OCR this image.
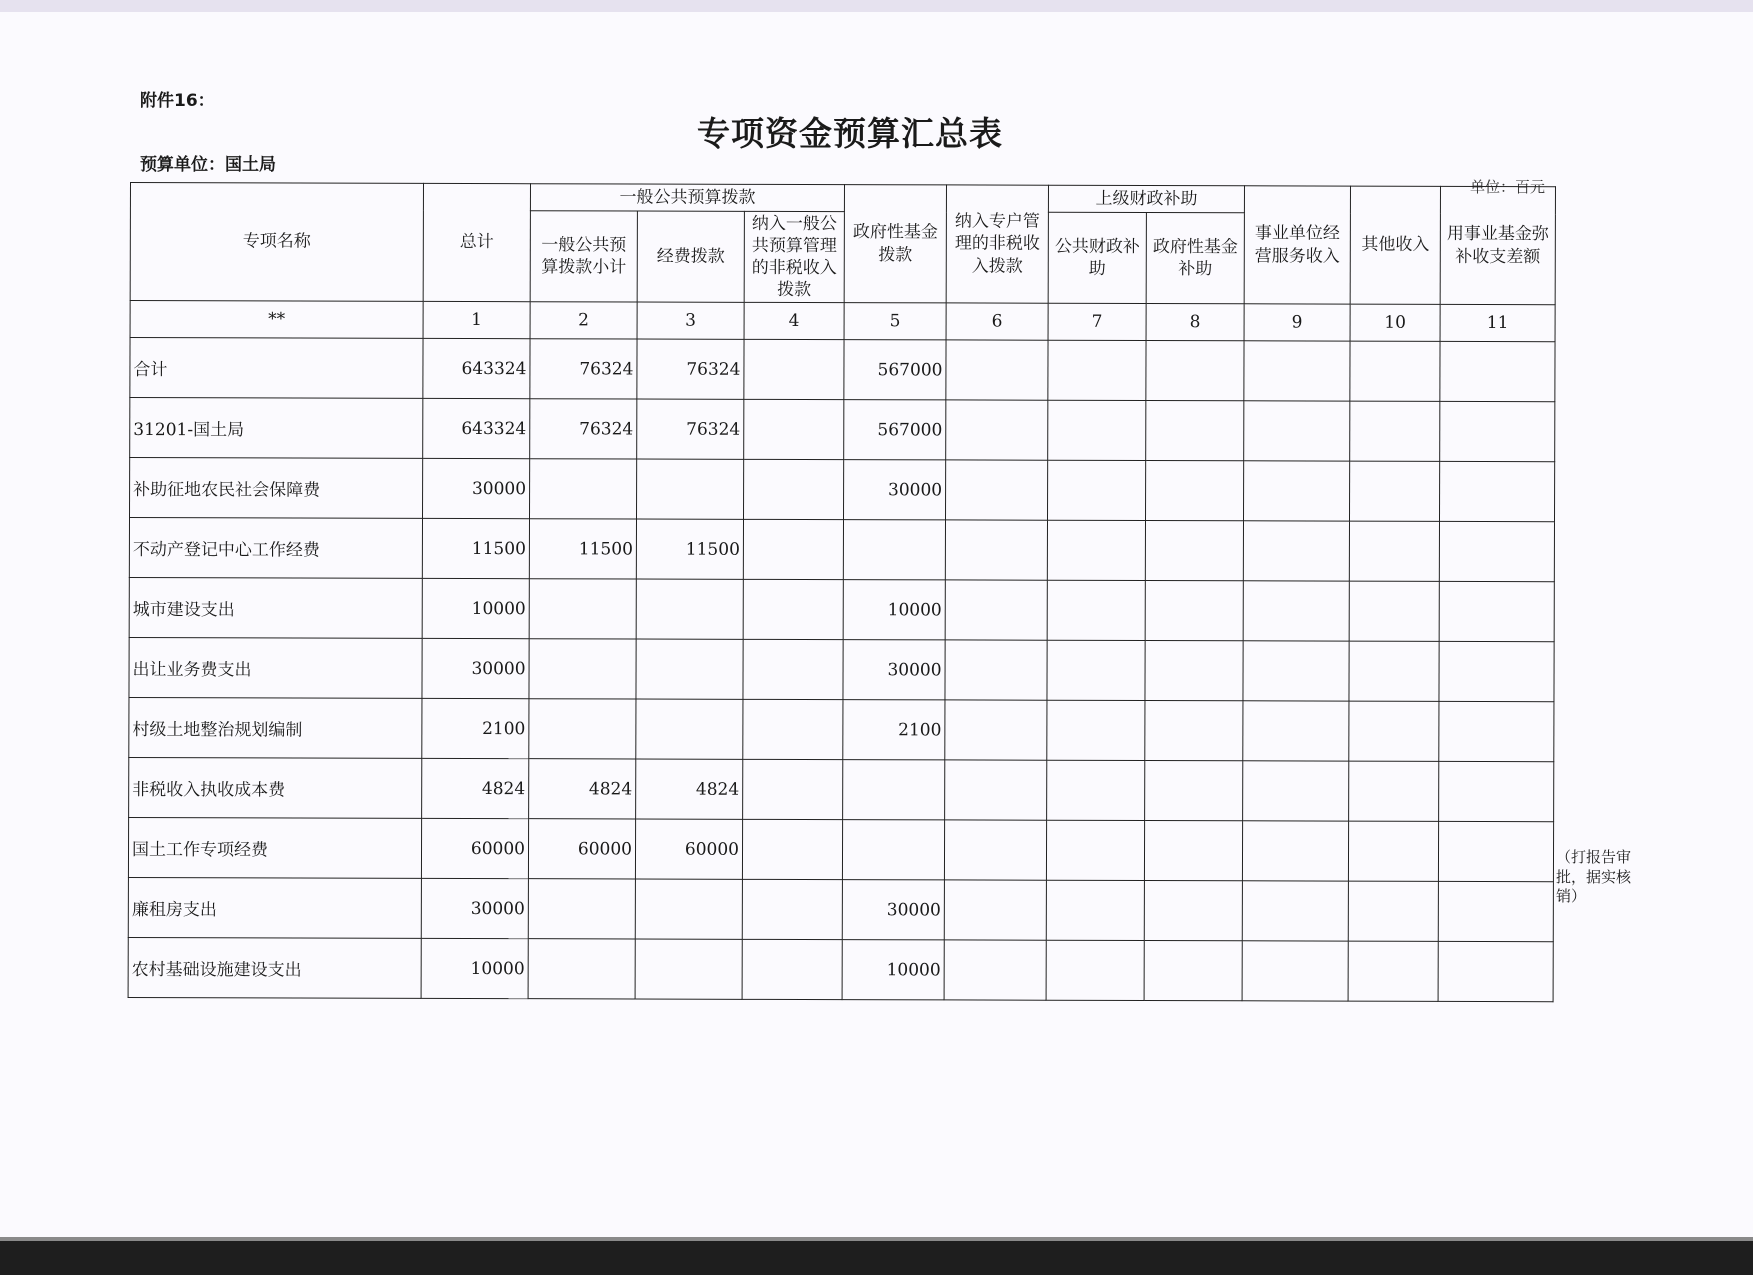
附件16：
专项资金预算汇总表
预算单位：国土局
单位：百元
专项名称	总计	一般公共预算拨款			政府性基金拨款	纳入专户管理的非税收入拨款	上级财政补助		事业单位经营服务收入	其他收入	用事业基金弥补收支差额
		一般公共预算拨款小计	经费拨款	纳入一般公共预算管理的非税收入拨款			公共财政补助	政府性基金补助			
**	1	2	3	4	5	6	7	8	9	10	11
合计	643324	76324	76324		567000						
31201-国土局	643324	76324	76324		567000						
补助征地农民社会保障费	30000				30000						
不动产登记中心工作经费	11500	11500	11500								
城市建设支出	10000				10000						
出让业务费支出	30000				30000						
村级土地整治规划编制	2100				2100						
非税收入执收成本费	4824	4824	4824								
国土工作专项经费	60000	60000	60000								
廉租房支出	30000				30000						
农村基础设施建设支出	10000				10000						
（打报告审批，据实核销）
